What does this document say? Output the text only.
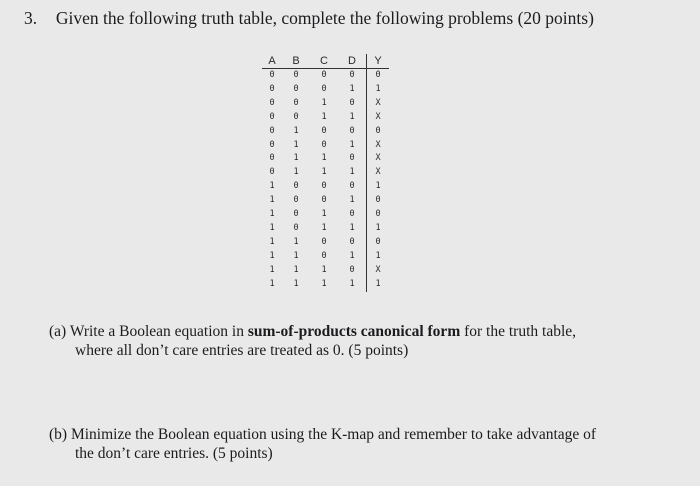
3. Given the following truth table, complete the following problems (20 points)
A	B	C	D	Y
0	0	0	0	0
0	0	0	1	1
0	0	1	0	X
0	0	1	1	X
0	1	0	0	0
0	1	0	1	X
0	1	1	0	X
0	1	1	1	X
1	0	0	0	1
1	0	0	1	0
1	0	1	0	0
1	0	1	1	1
1	1	0	0	0
1	1	0	1	1
1	1	1	0	X
1	1	1	1	1
(a) Write a Boolean equation in sum-of-products canonical form for the truth table,
where all don’t care entries are treated as 0. (5 points)
(b) Minimize the Boolean equation using the K-map and remember to take advantage of
the don’t care entries. (5 points)
